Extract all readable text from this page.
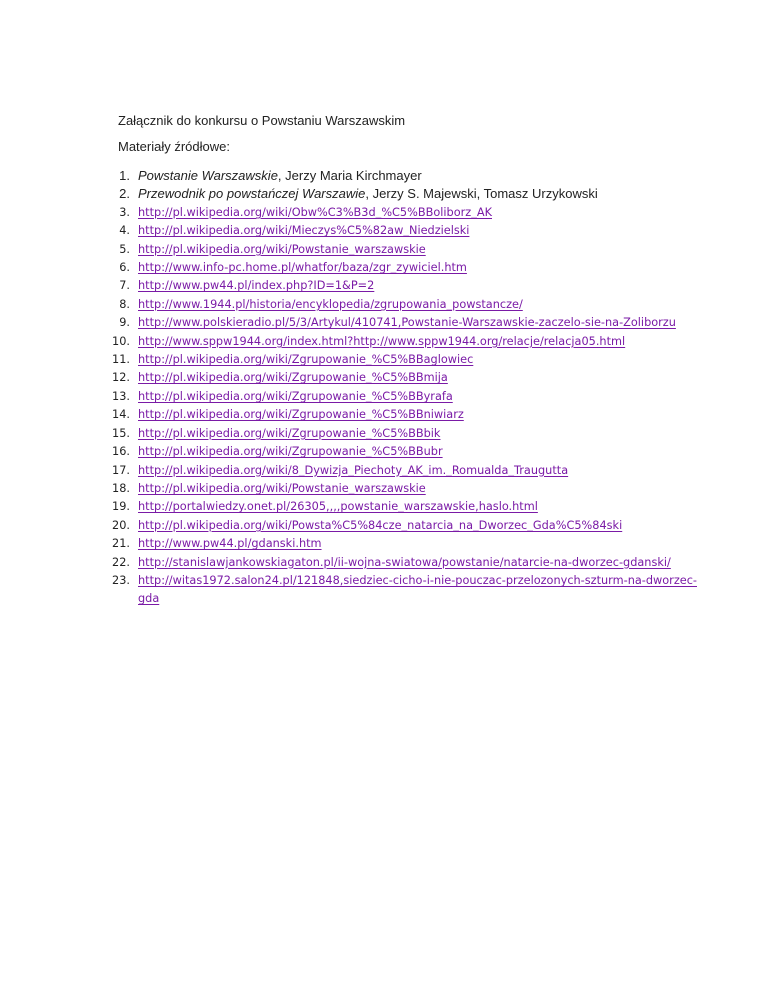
Załącznik do konkursu o Powstaniu Warszawskim
Materiały źródłowe:
1. Powstanie Warszawskie, Jerzy Maria Kirchmayer
2. Przewodnik po powstańczej Warszawie, Jerzy S. Majewski, Tomasz Urzykowski
3. http://pl.wikipedia.org/wiki/Obw%C3%B3d_%C5%BBoliborz_AK
4. http://pl.wikipedia.org/wiki/Mieczys%C5%82aw_Niedzielski
5. http://pl.wikipedia.org/wiki/Powstanie_warszawskie
6. http://www.info-pc.home.pl/whatfor/baza/zgr_zywiciel.htm
7. http://www.pw44.pl/index.php?ID=1&P=2
8. http://www.1944.pl/historia/encyklopedia/zgrupowania_powstancze/
9. http://www.polskieradio.pl/5/3/Artykul/410741,Powstanie-Warszawskie-zaczelo-sie-na-Zoliborzu
10. http://www.sppw1944.org/index.html?http://www.sppw1944.org/relacje/relacja05.html
11. http://pl.wikipedia.org/wiki/Zgrupowanie_%C5%BBaglowiec
12. http://pl.wikipedia.org/wiki/Zgrupowanie_%C5%BBmija
13. http://pl.wikipedia.org/wiki/Zgrupowanie_%C5%BByrafa
14. http://pl.wikipedia.org/wiki/Zgrupowanie_%C5%BBniwiarz
15. http://pl.wikipedia.org/wiki/Zgrupowanie_%C5%BBbik
16. http://pl.wikipedia.org/wiki/Zgrupowanie_%C5%BBubr
17. http://pl.wikipedia.org/wiki/8_Dywizja_Piechoty_AK_im._Romualda_Traugutta
18. http://pl.wikipedia.org/wiki/Powstanie_warszawskie
19. http://portalwiedzy.onet.pl/26305,,,,powstanie_warszawskie,haslo.html
20. http://pl.wikipedia.org/wiki/Powsta%C5%84cze_natarcia_na_Dworzec_Gda%C5%84ski
21. http://www.pw44.pl/gdanski.htm
22. http://stanislawjankowskiagaton.pl/ii-wojna-swiatowa/powstanie/natarcie-na-dworzec-gdanski/
23. http://witas1972.salon24.pl/121848,siedziec-cicho-i-nie-pouczac-przelozonych-szturm-na-dworzec-gda
